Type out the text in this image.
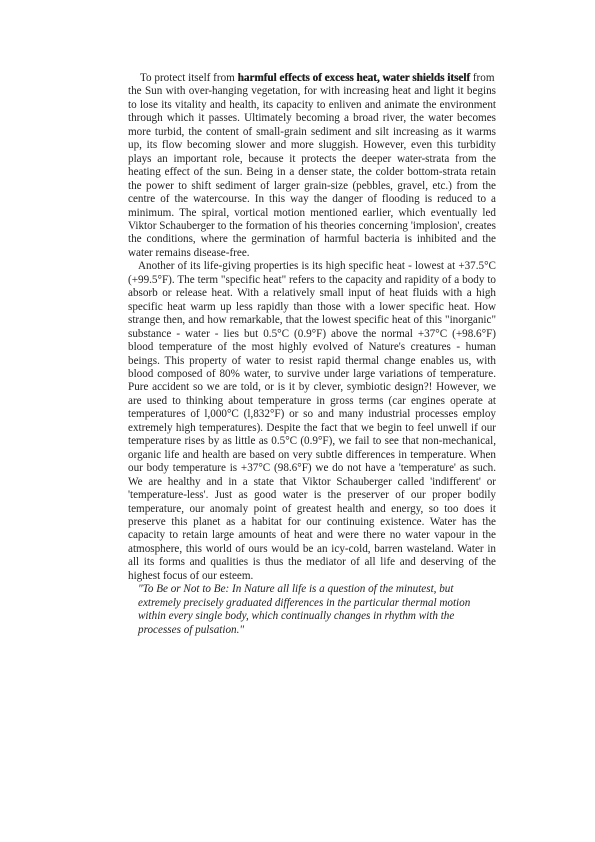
To protect itself from harmful effects of excess heat, water shields itself from

the Sun with over-hanging vegetation, for with increasing heat and light it begins to lose its vitality and health, its capacity to enliven and animate the environment through which it passes. Ultimately becoming a broad river, the water becomes more turbid, the content of small-grain sediment and silt increasing as it warms up, its flow becoming slower and more sluggish. However, even this turbidity plays an important role, because it protects the deeper water-strata from the heating effect of the sun. Being in a denser state, the colder bottom-strata retain the power to shift sediment of larger grain-size (pebbles, gravel, etc.) from the centre of the watercourse. In this way the danger of flooding is reduced to a minimum. The spiral, vortical motion mentioned earlier, which eventually led Viktor Schauberger to the formation of his theories concerning 'implosion', creates the conditions, where the germination of harmful bacteria is inhibited and the water remains disease-free.

Another of its life-giving properties is its high specific heat - lowest at +37.5°C (+99.5°F). The term "specific heat" refers to the capacity and rapidity of a body to absorb or release heat. With a relatively small input of heat fluids with a high specific heat warm up less rapidly than those with a lower specific heat. How strange then, and how remarkable, that the lowest specific heat of this "inorganic" substance - water - lies but 0.5°C (0.9°F) above the normal +37°C (+98.6°F) blood temperature of the most highly evolved of Nature's creatures - human beings. This property of water to resist rapid thermal change enables us, with blood composed of 80% water, to survive under large variations of temperature. Pure accident so we are told, or is it by clever, symbiotic design?! However, we are used to thinking about temperature in gross terms (car engines operate at temperatures of l,000°C (l,832°F) or so and many industrial processes employ extremely high temperatures). Despite the fact that we begin to feel unwell if our temperature rises by as little as 0.5°C (0.9°F), we fail to see that non-mechanical, organic life and health are based on very subtle differences in temperature. When our body temperature is +37°C (98.6°F) we do not have a 'temperature' as such. We are healthy and in a state that Viktor Schauberger called 'indifferent' or 'temperature-less'. Just as good water is the preserver of our proper bodily temperature, our anomaly point of greatest health and energy, so too does it preserve this planet as a habitat for our continuing existence. Water has the capacity to retain large amounts of heat and were there no water vapour in the atmosphere, this world of ours would be an icy-cold, barren wasteland. Water in all its forms and qualities is thus the mediator of all life and deserving of the highest focus of our esteem.

"To Be or Not to Be: In Nature all life is a question of the minutest, but extremely precisely graduated differences in the particular thermal motion within every single body, which continually changes in rhythm with the processes of pulsation."
